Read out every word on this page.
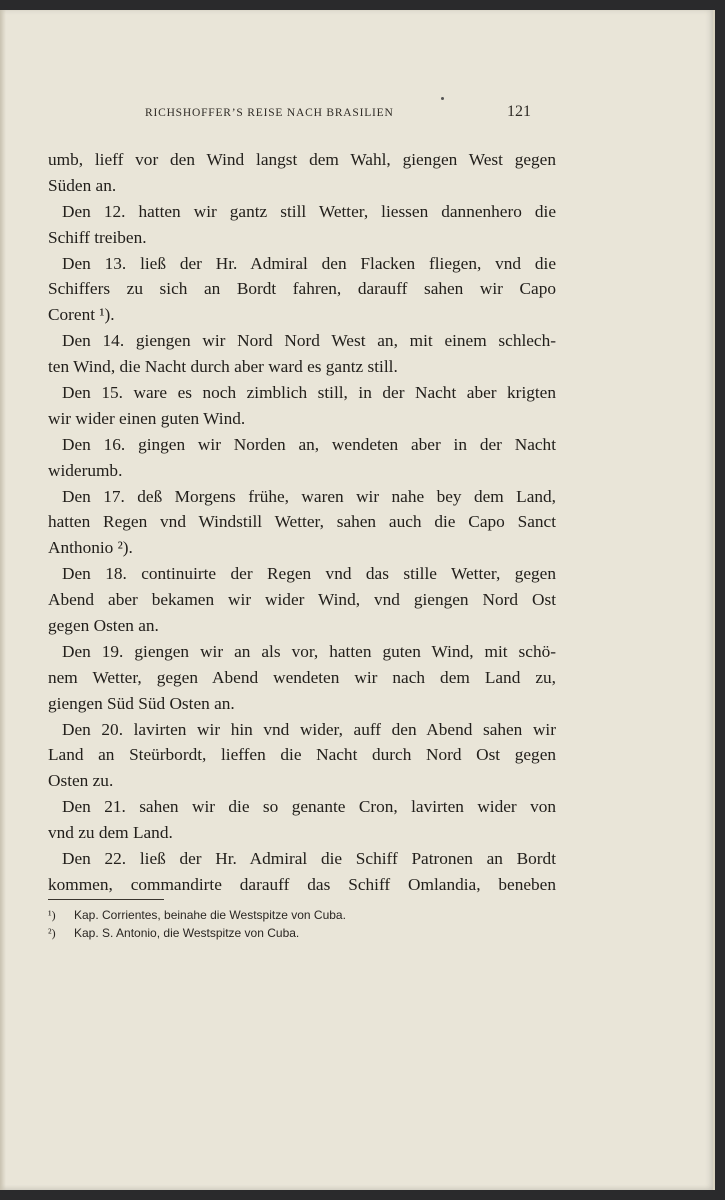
RICHSHOFFER’S REISE NACH BRASILIEN	121
umb, lieff vor den Wind langst dem Wahl, giengen West gegen
Süden an.
Den 12. hatten wir gantz still Wetter, liessen dannenhero die
Schiff treiben.
Den 13. ließ der Hr. Admiral den Flacken fliegen, vnd die
Schiffers zu sich an Bordt fahren, darauff sahen wir Capo
Corent ¹).
Den 14. giengen wir Nord Nord West an, mit einem schlech-
ten Wind, die Nacht durch aber ward es gantz still.
Den 15. ware es noch zimblich still, in der Nacht aber krigten
wir wider einen guten Wind.
Den 16. gingen wir Norden an, wendeten aber in der Nacht
widerumb.
Den 17. deß Morgens frühe, waren wir nahe bey dem Land,
hatten Regen vnd Windstill Wetter, sahen auch die Capo Sanct
Anthonio ²).
Den 18. continuirte der Regen vnd das stille Wetter, gegen
Abend aber bekamen wir wider Wind, vnd giengen Nord Ost
gegen Osten an.
Den 19. giengen wir an als vor, hatten guten Wind, mit schö-
nem Wetter, gegen Abend wendeten wir nach dem Land zu,
giengen Süd Süd Osten an.
Den 20. lavirten wir hin vnd wider, auff den Abend sahen wir
Land an Steürbordt, lieffen die Nacht durch Nord Ost gegen
Osten zu.
Den 21. sahen wir die so genante Cron, lavirten wider von
vnd zu dem Land.
Den 22. ließ der Hr. Admiral die Schiff Patronen an Bordt
kommen, commandirte darauff das Schiff Omlandia, beneben
¹) Kap. Corrientes, beinahe die Westspitze von Cuba.
²) Kap. S. Antonio, die Westspitze von Cuba.
